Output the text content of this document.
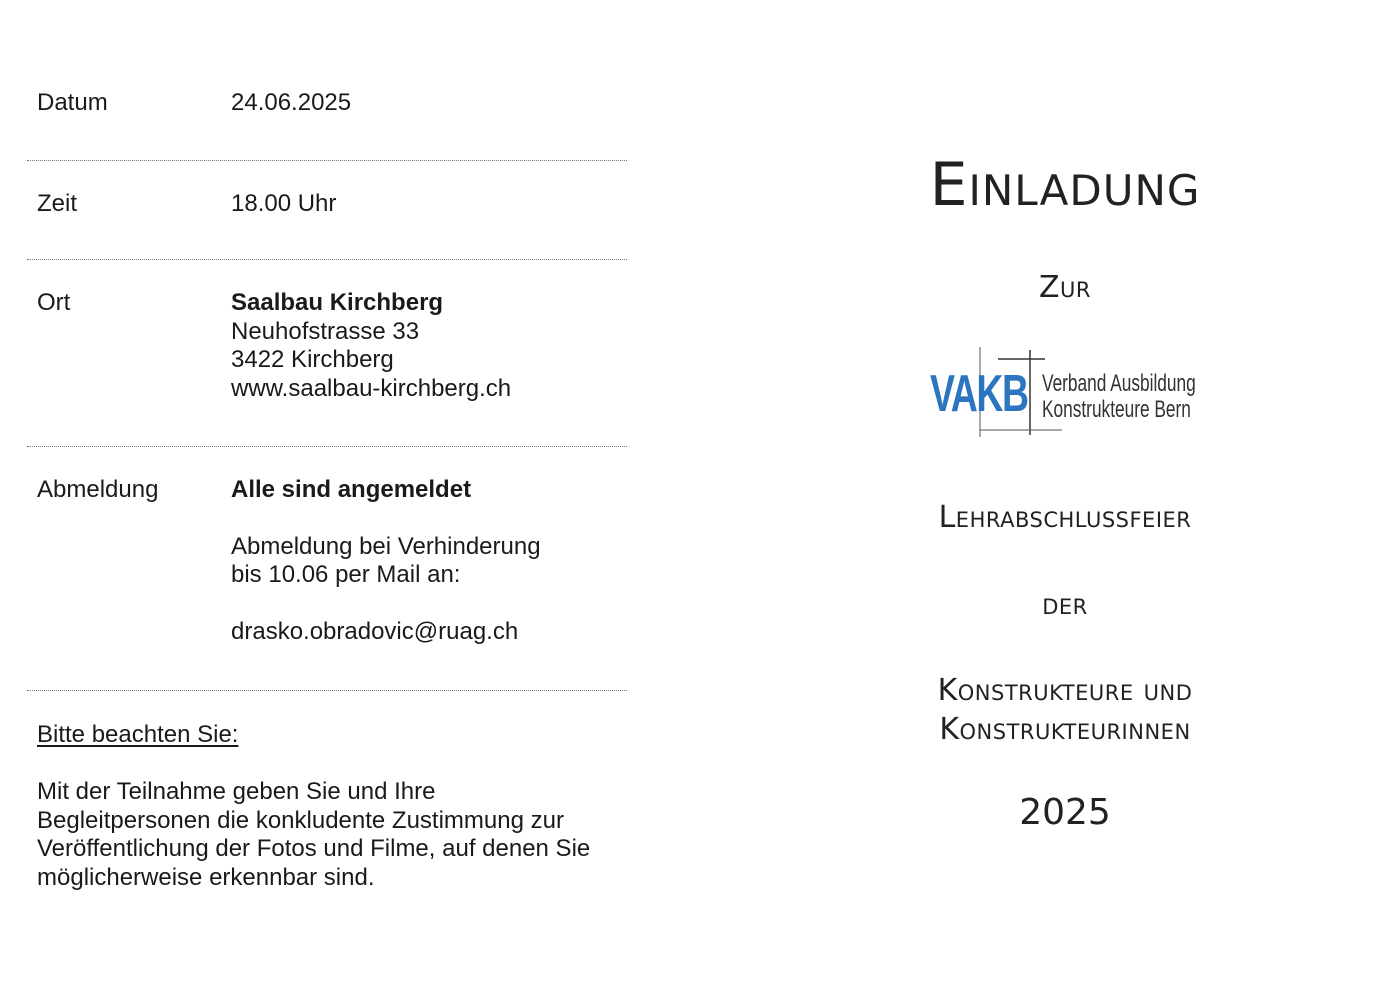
Datum	24.06.2025
Zeit	18.00 Uhr
Ort	Saalbau Kirchberg
Neuhofstrasse 33
3422 Kirchberg
www.saalbau-kirchberg.ch
Abmeldung	Alle sind angemeldet
Abmeldung bei Verhinderung
bis 10.06 per Mail an:
drasko.obradovic@ruag.ch
Bitte beachten Sie:
Mit der Teilnahme geben Sie und Ihre
Begleitpersonen die konkludente Zustimmung zur
Veröffentlichung der Fotos und Filme, auf denen Sie
möglicherweise erkennbar sind.
Einladung
Zur
VAKB Verband Ausbildung
Konstrukteure Bern
Lehrabschlussfeier
der
Konstrukteure und
Konstrukteurinnen
2025
